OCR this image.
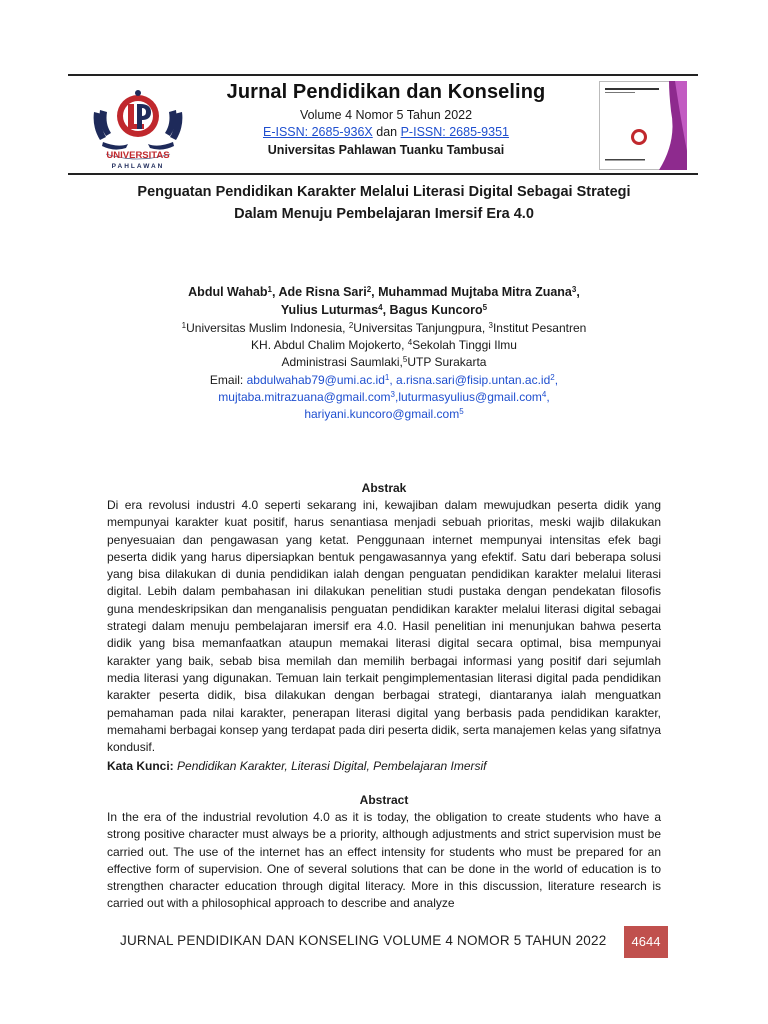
UNIVERSITAS
PAHLAWAN
Jurnal Pendidikan dan Konseling
Volume 4 Nomor 5 Tahun 2022
E-ISSN: 2685-936X dan P-ISSN: 2685-9351
Universitas Pahlawan Tuanku Tambusai
Penguatan Pendidikan Karakter Melalui Literasi Digital Sebagai Strategi
Dalam Menuju Pembelajaran Imersif Era 4.0
Abdul Wahab$^1$, Ade Risna Sari$^2$, Muhammad Mujtaba Mitra Zuana$^3$,
Yulius Luturmas$^4$, Bagus Kuncoro$^5$
$^1$Universitas Muslim Indonesia, $^2$Universitas Tanjungpura, $^3$Institut Pesantren
KH. Abdul Chalim Mojokerto, $^4$Sekolah Tinggi Ilmu
Administrasi Saumlaki,$^5$UTP Surakarta
Email: $abdulwahab79@umi.ac.id^1$, $a.risna.sari@fisip.untan.ac.id^2$,
mujtaba.mitrazuana@gmail.com$^3$,luturmasyulius@gmail.com$^4$,
hariyani.kuncoro@gmail.com$^5$
Abstrak
Di era revolusi industri 4.0 seperti sekarang ini, kewajiban dalam mewujudkan peserta didik yang mempunyai karakter kuat positif, harus senantiasa menjadi sebuah prioritas, meski wajib dilakukan penyesuaian dan pengawasan yang ketat. Penggunaan internet mempunyai intensitas efek bagi peserta didik yang harus dipersiapkan bentuk pengawasannya yang efektif. Satu dari beberapa solusi yang bisa dilakukan di dunia pendidikan ialah dengan penguatan pendidikan karakter melalui literasi digital. Lebih dalam pembahasan ini dilakukan penelitian studi pustaka dengan pendekatan filosofis guna mendeskripsikan dan menganalisis penguatan pendidikan karakter melalui literasi digital sebagai strategi dalam menuju pembelajaran imersif era 4.0. Hasil penelitian ini menunjukan bahwa peserta didik yang bisa memanfaatkan ataupun memakai literasi digital secara optimal, bisa mempunyai karakter yang baik, sebab bisa memilah dan memilih berbagai informasi yang positif dari sejumlah media literasi yang digunakan. Temuan lain terkait pengimplementasian literasi digital pada pendidikan karakter peserta didik, bisa dilakukan dengan berbagai strategi, diantaranya ialah menguatkan pemahaman pada nilai karakter, penerapan literasi digital yang berbasis pada pendidikan karakter, memahami berbagai konsep yang terdapat pada diri peserta didik, serta manajemen kelas yang sifatnya kondusif.
Kata Kunci: Pendidikan Karakter, Literasi Digital, Pembelajaran Imersif
Abstract
In the era of the industrial revolution 4.0 as it is today, the obligation to create students who have a strong positive character must always be a priority, although adjustments and strict supervision must be carried out. The use of the internet has an effect intensity for students who must be prepared for an effective form of supervision. One of several solutions that can be done in the world of education is to strengthen character education through digital literacy. More in this discussion, literature research is carried out with a philosophical approach to describe and analyze
JURNAL PENDIDIKAN DAN KONSELING VOLUME 4 NOMOR 5 TAHUN 2022	4644
